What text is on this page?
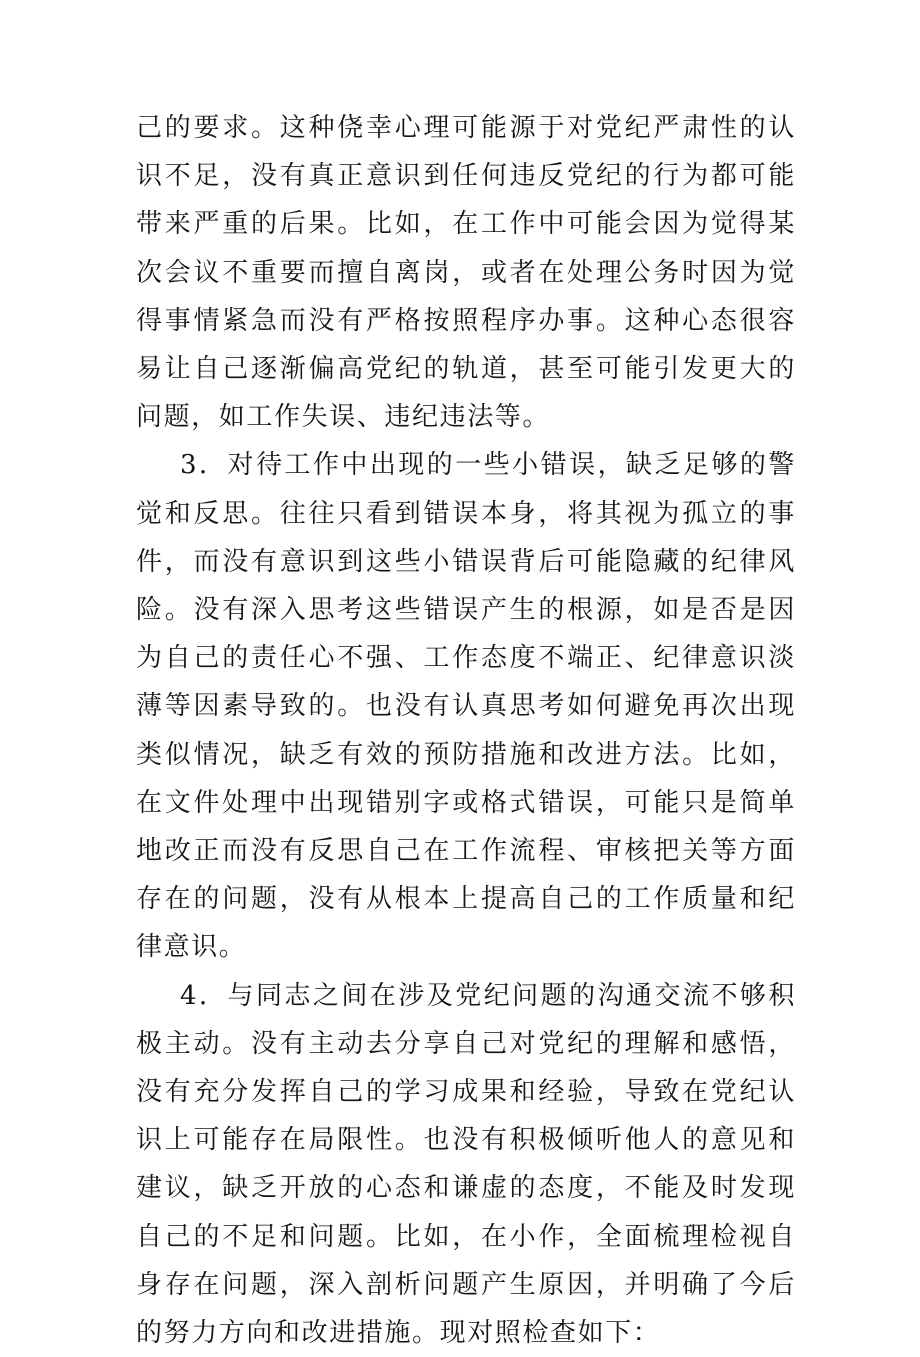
己的要求。这种侥幸心理可能源于对党纪严肃性的认识不足，没有真正意识到任何违反党纪的行为都可能带来严重的后果。比如，在工作中可能会因为觉得某次会议不重要而擅自离岗，或者在处理公务时因为觉得事情紧急而没有严格按照程序办事。这种心态很容易让自己逐渐偏高党纪的轨道，甚至可能引发更大的问题，如工作失误、违纪违法等。

3．对待工作中出现的一些小错误，缺乏足够的警觉和反思。往往只看到错误本身，将其视为孤立的事件，而没有意识到这些小错误背后可能隐藏的纪律风险。没有深入思考这些错误产生的根源，如是否是因为自己的责任心不强、工作态度不端正、纪律意识淡薄等因素导致的。也没有认真思考如何避免再次出现类似情况，缺乏有效的预防措施和改进方法。比如，在文件处理中出现错别字或格式错误，可能只是简单地改正而没有反思自己在工作流程、审核把关等方面存在的问题，没有从根本上提高自己的工作质量和纪律意识。

4．与同志之间在涉及党纪问题的沟通交流不够积极主动。没有主动去分享自己对党纪的理解和感悟，没有充分发挥自己的学习成果和经验，导致在党纪认识上可能存在局限性。也没有积极倾听他人的意见和建议，缺乏开放的心态和谦虚的态度，不能及时发现自己的不足和问题。比如，在小作，全面梳理检视自身存在问题，深入剖析问题产生原因，并明确了今后的努力方向和改进措施。现对照检查如下：
